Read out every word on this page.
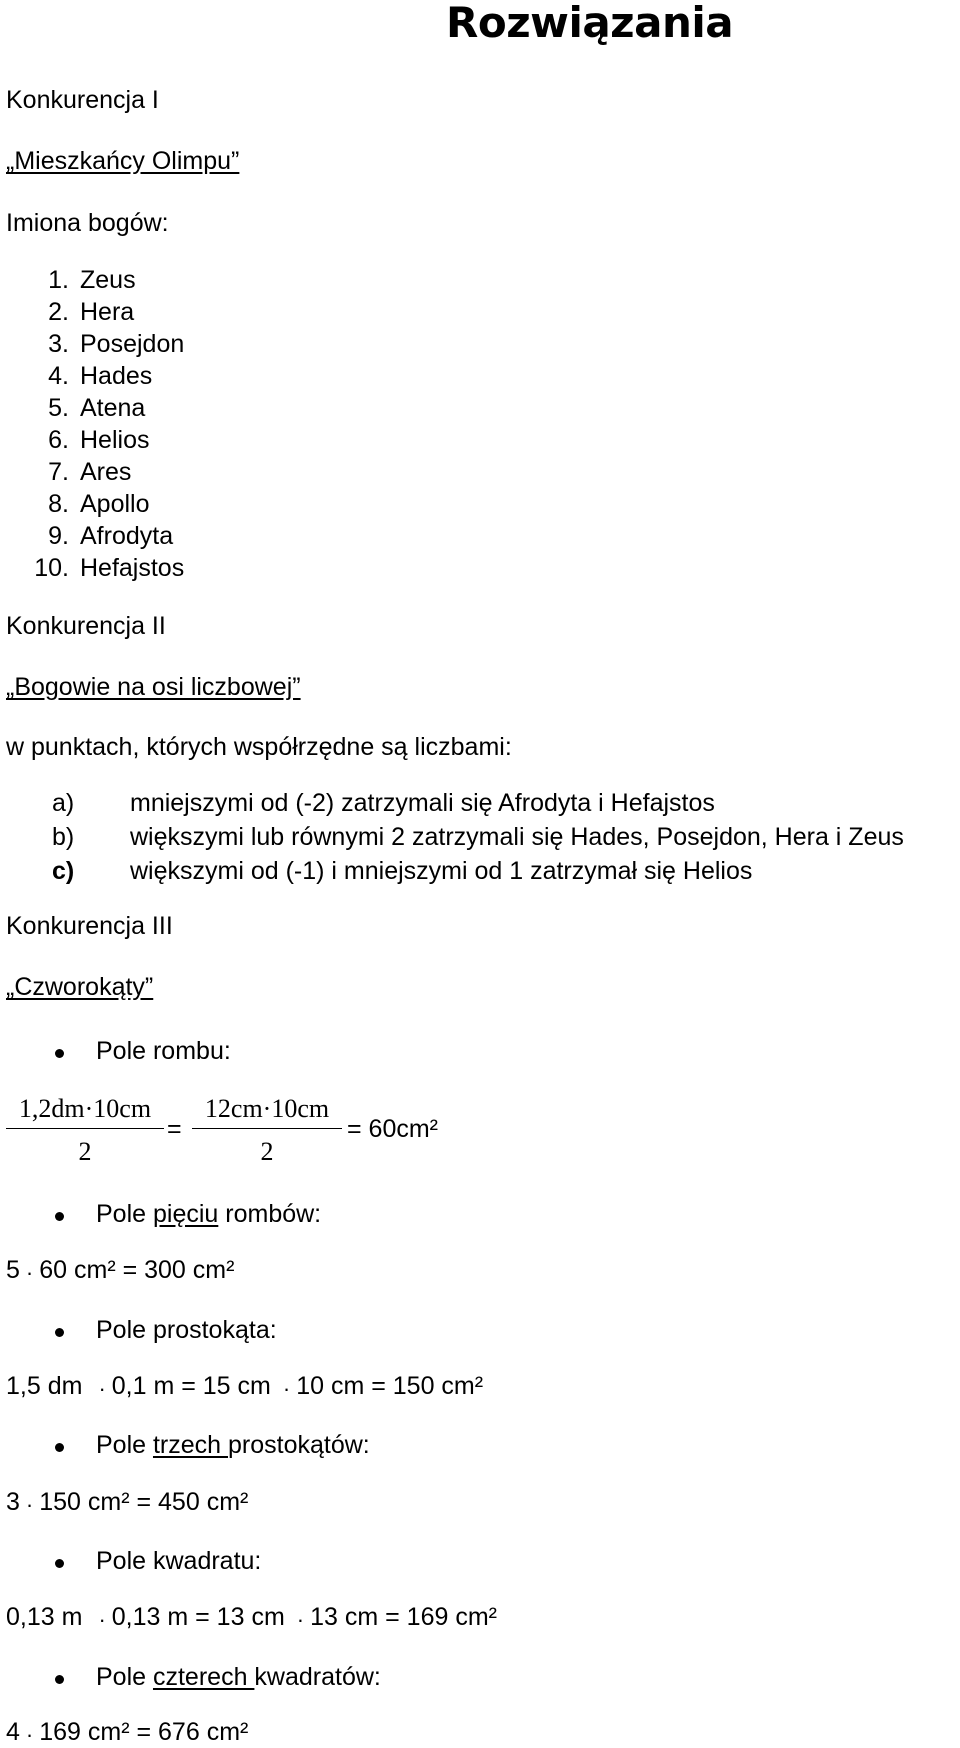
Rozwiązania
Konkurencja I
„Mieszkańcy Olimpu”
Imiona bogów:
1. Zeus
2. Hera
3. Posejdon
4. Hades
5. Atena
6. Helios
7. Ares
8. Apollo
9. Afrodyta
10. Hefajstos
Konkurencja II
„Bogowie na osi liczbowej”
w punktach, których współrzędne są liczbami:
a) mniejszymi od (-2) zatrzymali się Afrodyta i Hefajstos
b) większymi lub równymi 2 zatrzymali się Hades, Posejdon, Hera i Zeus
c) większymi od (-1) i mniejszymi od 1 zatrzymał się Helios
Konkurencja III
„Czworokąty”
Pole rombu:
1,2dm·10cm
2
=
12cm·10cm
2
= 60cm²
Pole pięciu rombów:
5 · 60 cm² = 300 cm²
Pole prostokąta:
1,5 dm · 0,1 m = 15 cm · 10 cm = 150 cm²
Pole trzech prostokątów:
3 · 150 cm² = 450 cm²
Pole kwadratu:
0,13 m · 0,13 m = 13 cm · 13 cm = 169 cm²
Pole czterech kwadratów:
4 · 169 cm² = 676 cm²
